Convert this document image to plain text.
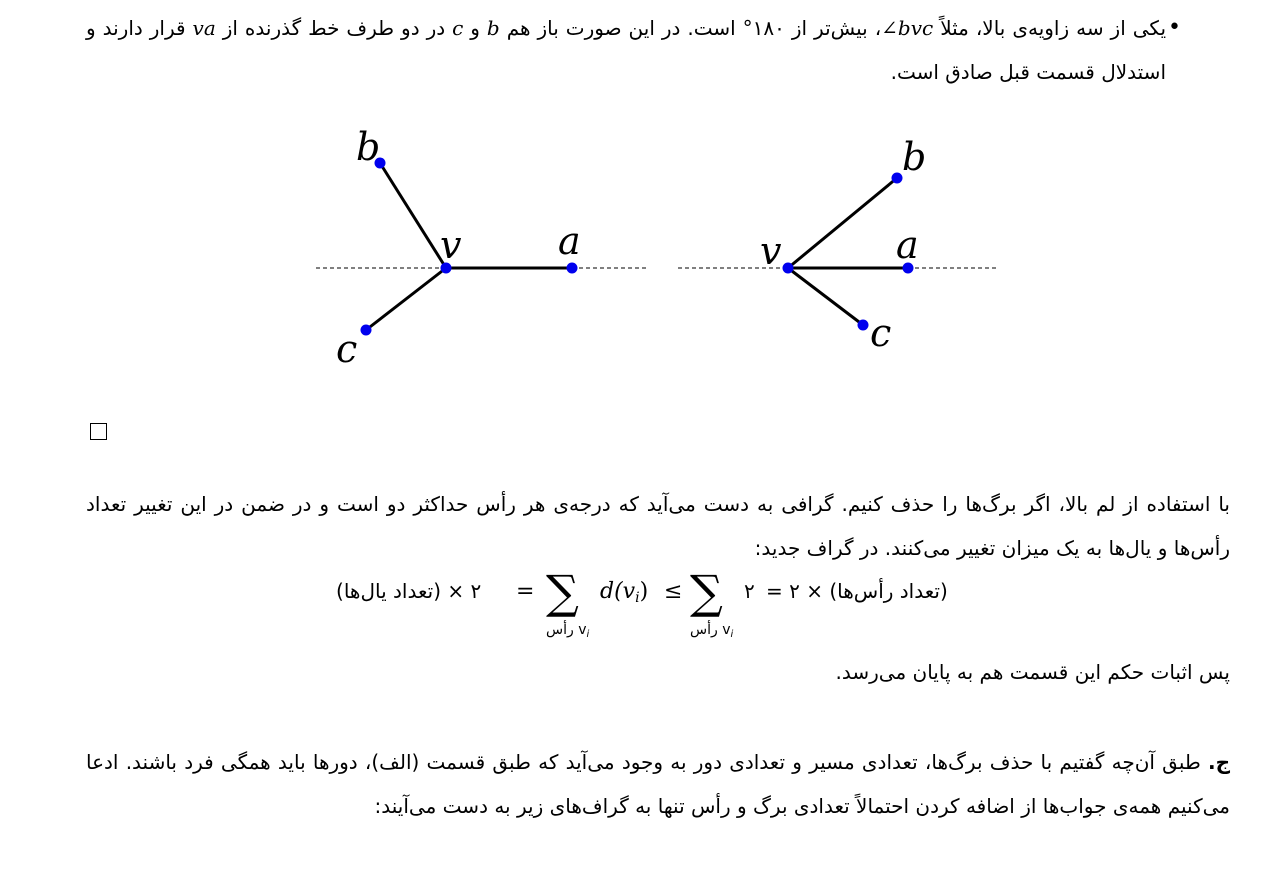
•
یکی از سه زاویه‌ی بالا، مثلاً ∠bvc، بیش‌تر از ۱۸۰° است. در این صورت باز هم b و c در دو طرف خط گذرنده از va قرار دارند و استدلال قسمت قبل صادق است.
b
v	a
c
b
v	a
c
با استفاده از لم بالا، اگر برگ‌ها را حذف کنیم. گرافی به دست می‌آید که درجه‌ی هر رأس حداکثر دو است و در ضمن در این تغییر تعداد رأس‌ها و یال‌ها به یک میزان تغییر می‌کنند. در گراف جدید:
(تعداد یال‌ها) × ۲ = ∑
رأس $v_i$
d(vi) ≤ ∑
رأس $v_i$
۲ = ۲ × (تعداد رأس‌ها)
پس اثبات حکم این قسمت هم به پایان می‌رسد.
ج. طبق آن‌چه گفتیم با حذف برگ‌ها، تعدادی مسیر و تعدادی دور به وجود می‌آید که طبق قسمت (الف)، دورها باید همگی فرد باشند. ادعا می‌کنیم همه‌ی جواب‌ها از اضافه کردن احتمالاً تعدادی برگ و رأس تنها به گراف‌های زیر به دست می‌آیند:
